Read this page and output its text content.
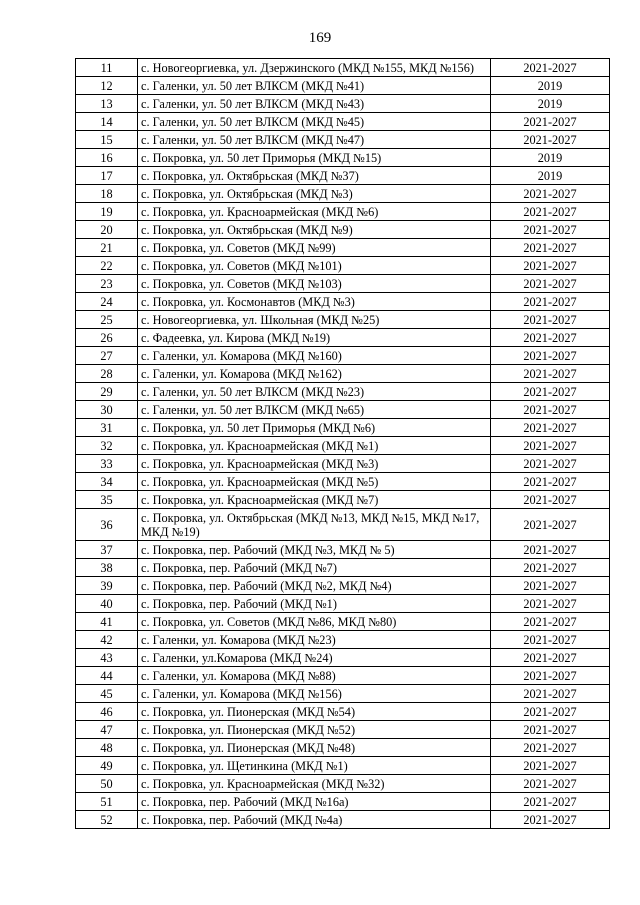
169
11	с. Новогеоргиевка, ул. Дзержинского (МКД №155, МКД №156)	2021-2027
12	с. Галенки, ул. 50 лет ВЛКСМ (МКД №41)	2019
13	с. Галенки, ул. 50 лет ВЛКСМ (МКД №43)	2019
14	с. Галенки, ул. 50 лет ВЛКСМ (МКД №45)	2021-2027
15	с. Галенки, ул. 50 лет ВЛКСМ (МКД №47)	2021-2027
16	с. Покровка, ул. 50 лет Приморья (МКД №15)	2019
17	с. Покровка, ул. Октябрьская (МКД №37)	2019
18	с. Покровка, ул. Октябрьская (МКД №3)	2021-2027
19	с. Покровка, ул. Красноармейская (МКД №6)	2021-2027
20	с. Покровка, ул. Октябрьская (МКД №9)	2021-2027
21	с. Покровка, ул. Советов (МКД №99)	2021-2027
22	с. Покровка, ул. Советов (МКД №101)	2021-2027
23	с. Покровка, ул. Советов (МКД №103)	2021-2027
24	с. Покровка, ул. Космонавтов (МКД №3)	2021-2027
25	с. Новогеоргиевка, ул. Школьная (МКД №25)	2021-2027
26	с. Фадеевка, ул. Кирова (МКД №19)	2021-2027
27	с. Галенки, ул. Комарова (МКД №160)	2021-2027
28	с. Галенки, ул. Комарова (МКД №162)	2021-2027
29	с. Галенки, ул. 50 лет ВЛКСМ (МКД №23)	2021-2027
30	с. Галенки, ул. 50 лет ВЛКСМ (МКД №65)	2021-2027
31	с. Покровка, ул. 50 лет Приморья (МКД №6)	2021-2027
32	с. Покровка, ул. Красноармейская (МКД №1)	2021-2027
33	с. Покровка, ул. Красноармейская (МКД №3)	2021-2027
34	с. Покровка, ул. Красноармейская (МКД №5)	2021-2027
35	с. Покровка, ул. Красноармейская (МКД №7)	2021-2027
36	с. Покровка, ул. Октябрьская (МКД №13, МКД №15, МКД №17, МКД №19)	2021-2027
37	с. Покровка, пер. Рабочий (МКД №3, МКД № 5)	2021-2027
38	с. Покровка, пер. Рабочий (МКД №7)	2021-2027
39	с. Покровка, пер. Рабочий (МКД №2, МКД №4)	2021-2027
40	с. Покровка, пер. Рабочий (МКД №1)	2021-2027
41	с. Покровка, ул. Советов (МКД №86, МКД №80)	2021-2027
42	с. Галенки, ул. Комарова (МКД №23)	2021-2027
43	с. Галенки, ул.Комарова (МКД №24)	2021-2027
44	с. Галенки, ул. Комарова (МКД №88)	2021-2027
45	с. Галенки, ул. Комарова (МКД №156)	2021-2027
46	с. Покровка, ул. Пионерская (МКД №54)	2021-2027
47	с. Покровка, ул. Пионерская (МКД №52)	2021-2027
48	с. Покровка, ул. Пионерская (МКД №48)	2021-2027
49	с. Покровка, ул. Щетинкина (МКД №1)	2021-2027
50	с. Покровка, ул. Красноармейская (МКД №32)	2021-2027
51	с. Покровка, пер. Рабочий (МКД №16а)	2021-2027
52	с. Покровка, пер. Рабочий (МКД №4а)	2021-2027
